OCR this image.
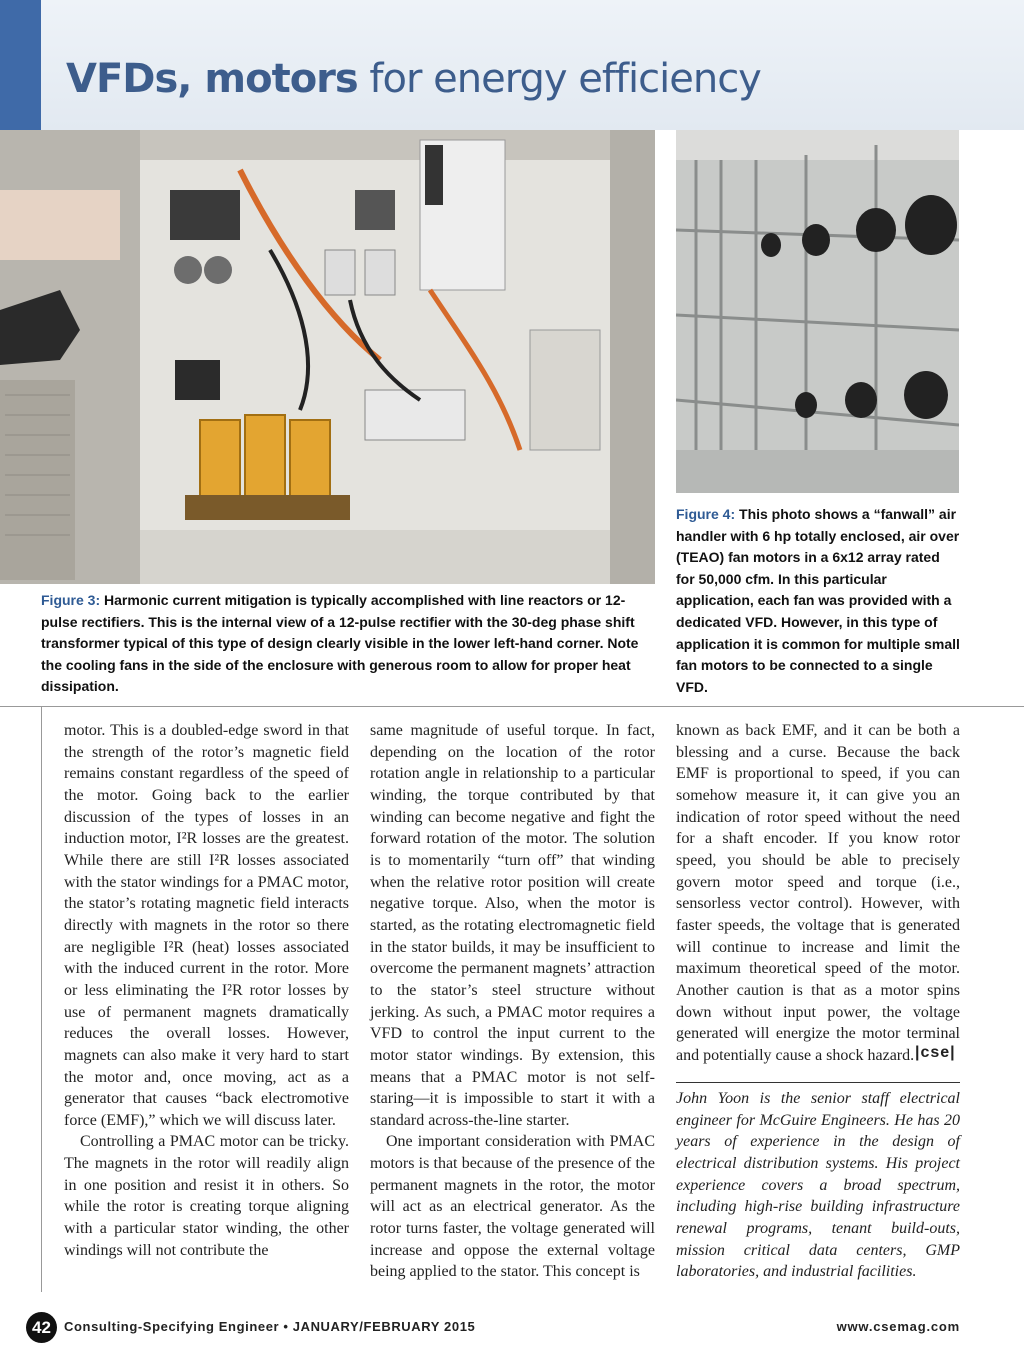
VFDs, motors for energy efficiency

Figure 3: Harmonic current mitigation is typically accomplished with line reactors or 12-pulse rectifiers. This is the internal view of a 12-pulse rectifier with the 30-deg phase shift transformer typical of this type of design clearly visible in the lower left-hand corner. Note the cooling fans in the side of the enclosure with generous room to allow for proper heat dissipation.

Figure 4: This photo shows a “fanwall” air handler with 6 hp totally enclosed, air over (TEAO) fan motors in a 6x12 array rated for 50,000 cfm. In this particular application, each fan was provided with a dedicated VFD. However, in this type of application it is common for multiple small fan motors to be connected to a single VFD.

motor. This is a doubled-edge sword in that the strength of the rotor’s magnetic field remains constant regardless of the speed of the motor. Going back to the earlier discussion of the types of losses in an induction motor, I²R losses are the greatest. While there are still I²R losses associated with the stator windings for a PMAC motor, the stator’s rotating magnetic field interacts directly with magnets in the rotor so there are negligible I²R (heat) losses associated with the induced current in the rotor. More or less eliminating the I²R rotor losses by use of permanent magnets dramatically reduces the overall losses. However, magnets can also make it very hard to start the motor and, once moving, act as a generator that causes “back electromotive force (EMF),” which we will discuss later.

Controlling a PMAC motor can be tricky. The magnets in the rotor will readily align in one position and resist it in others. So while the rotor is creating torque aligning with a particular stator winding, the other windings will not contribute the

same magnitude of useful torque. In fact, depending on the location of the rotor rotation angle in relationship to a particular winding, the torque contributed by that winding can become negative and fight the forward rotation of the motor. The solution is to momentarily “turn off” that winding when the relative rotor position will create negative torque. Also, when the motor is started, as the rotating electromagnetic field in the stator builds, it may be insufficient to overcome the permanent magnets’ attraction to the stator’s steel structure without jerking. As such, a PMAC motor requires a VFD to control the input current to the motor stator windings. By extension, this means that a PMAC motor is not self-staring—it is impossible to start it with a standard across-the-line starter.

One important consideration with PMAC motors is that because of the presence of the permanent magnets in the rotor, the motor will act as an electrical generator. As the rotor turns faster, the voltage generated will increase and oppose the external voltage being applied to the stator. This concept is

known as back EMF, and it can be both a blessing and a curse. Because the back EMF is proportional to speed, if you can somehow measure it, it can give you an indication of rotor speed without the need for a shaft encoder. If you know rotor speed, you should be able to precisely govern motor speed and torque (i.e., sensorless vector control). However, with faster speeds, the voltage that is generated will continue to increase and limit the maximum theoretical speed of the motor. Another caution is that as a motor spins down without input power, the voltage generated will energize the motor terminal and potentially cause a shock hazard. |cse|

John Yoon is the senior staff electrical engineer for McGuire Engineers. He has 20 years of experience in the design of electrical distribution systems. His project experience covers a broad spectrum, including high-rise building infrastructure renewal programs, tenant build-outs, mission critical data centers, GMP laboratories, and industrial facilities.

42	Consulting-Specifying Engineer • JANUARY/FEBRUARY 2015	www.csemag.com
